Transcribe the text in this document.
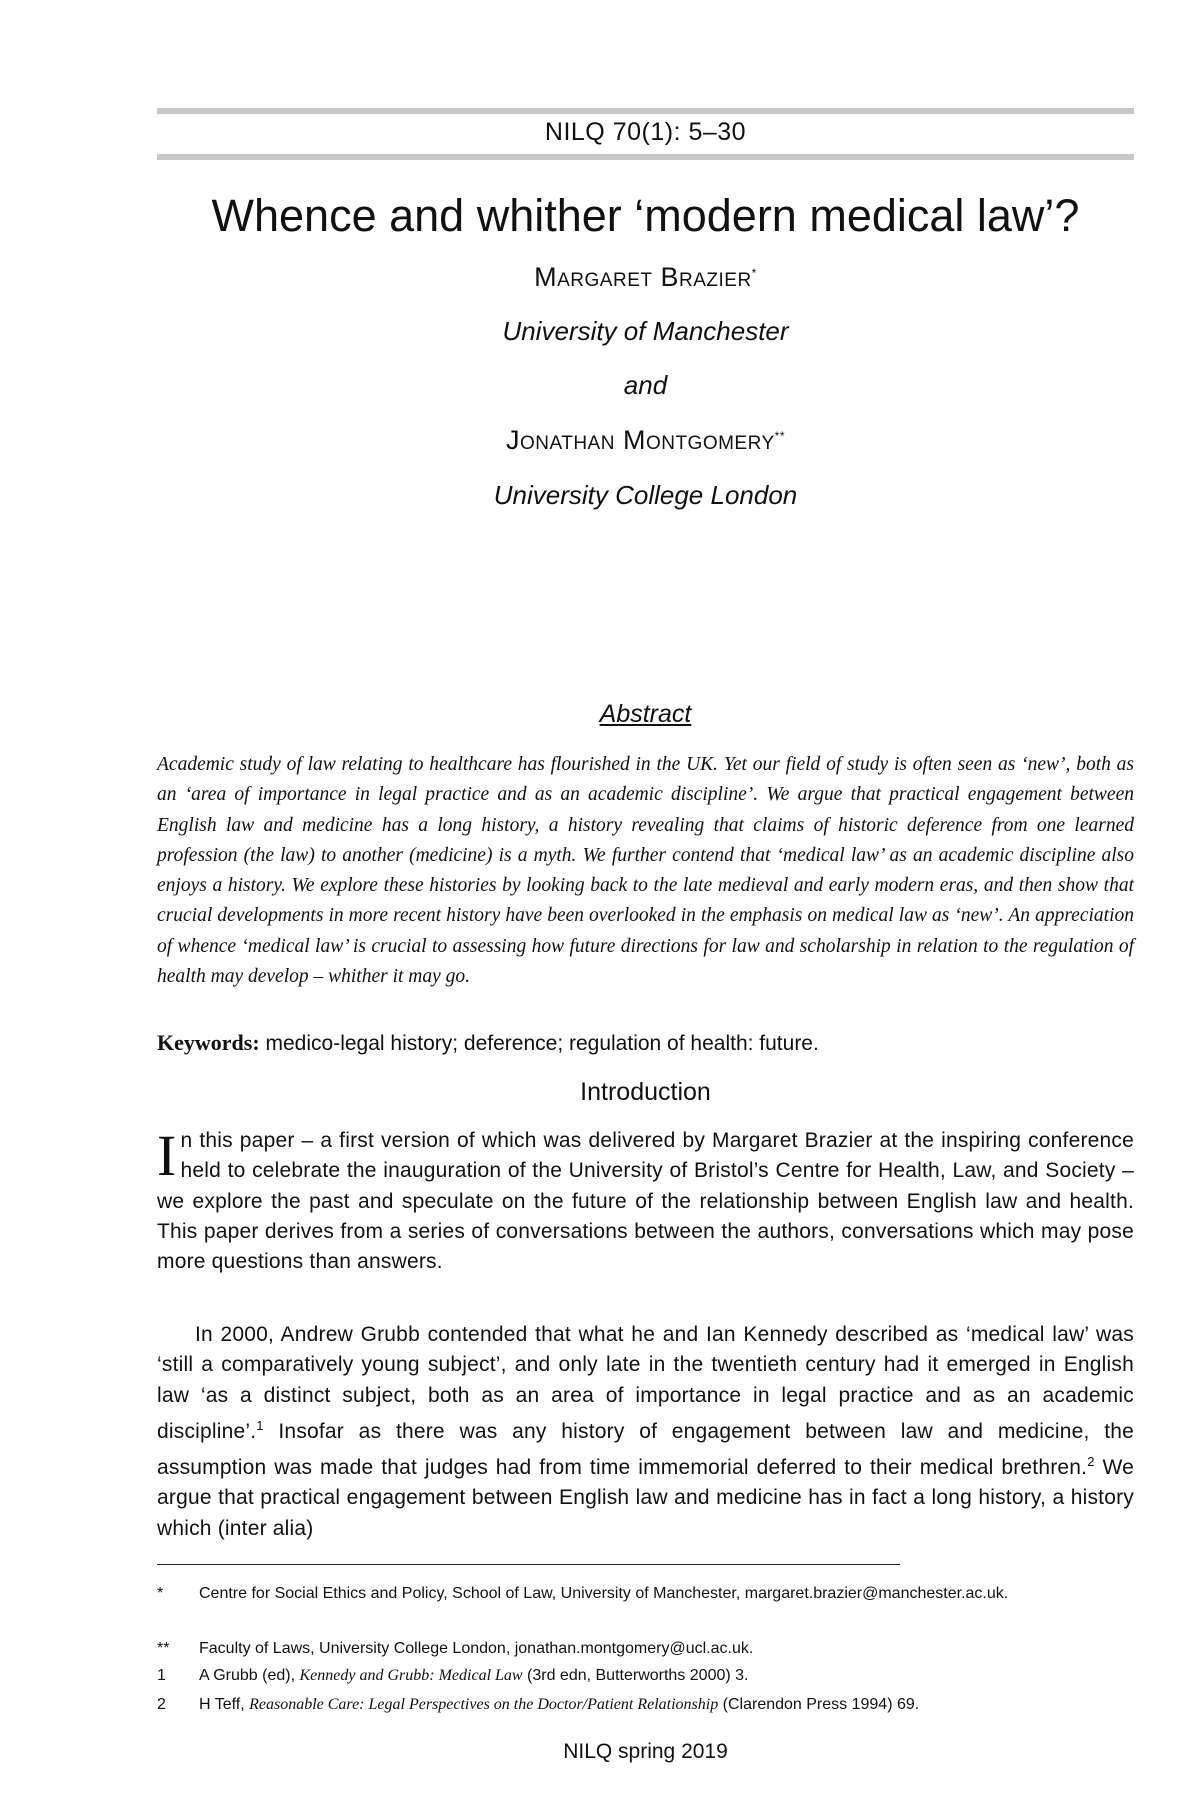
NILQ 70(1): 5–30
Whence and whither ‘modern medical law’?
Margaret Brazier*
University of Manchester
and
Jonathan Montgomery**
University College London
Abstract
Academic study of law relating to healthcare has flourished in the UK. Yet our field of study is often seen as ‘new’, both as an ‘area of importance in legal practice and as an academic discipline’. We argue that practical engagement between English law and medicine has a long history, a history revealing that claims of historic deference from one learned profession (the law) to another (medicine) is a myth. We further contend that ‘medical law’ as an academic discipline also enjoys a history. We explore these histories by looking back to the late medieval and early modern eras, and then show that crucial developments in more recent history have been overlooked in the emphasis on medical law as ‘new’. An appreciation of whence ‘medical law’ is crucial to assessing how future directions for law and scholarship in relation to the regulation of health may develop – whither it may go.
Keywords: medico-legal history; deference; regulation of health: future.
Introduction
In this paper – a first version of which was delivered by Margaret Brazier at the inspiring conference held to celebrate the inauguration of the University of Bristol’s Centre for Health, Law, and Society – we explore the past and speculate on the future of the relationship between English law and health. This paper derives from a series of conversations between the authors, conversations which may pose more questions than answers.
In 2000, Andrew Grubb contended that what he and Ian Kennedy described as ‘medical law’ was ‘still a comparatively young subject’, and only late in the twentieth century had it emerged in English law ‘as a distinct subject, both as an area of importance in legal practice and as an academic discipline’.$^1$ Insofar as there was any history of engagement between law and medicine, the assumption was made that judges had from time immemorial deferred to their medical brethren.$^2$ We argue that practical engagement between English law and medicine has in fact a long history, a history which (inter alia)
*	Centre for Social Ethics and Policy, School of Law, University of Manchester, margaret.brazier@manchester.ac.uk.
**	Faculty of Laws, University College London, jonathan.montgomery@ucl.ac.uk.
1	A Grubb (ed), Kennedy and Grubb: Medical Law (3rd edn, Butterworths 2000) 3.
2	H Teff, Reasonable Care: Legal Perspectives on the Doctor/Patient Relationship (Clarendon Press 1994) 69.
NILQ spring 2019
